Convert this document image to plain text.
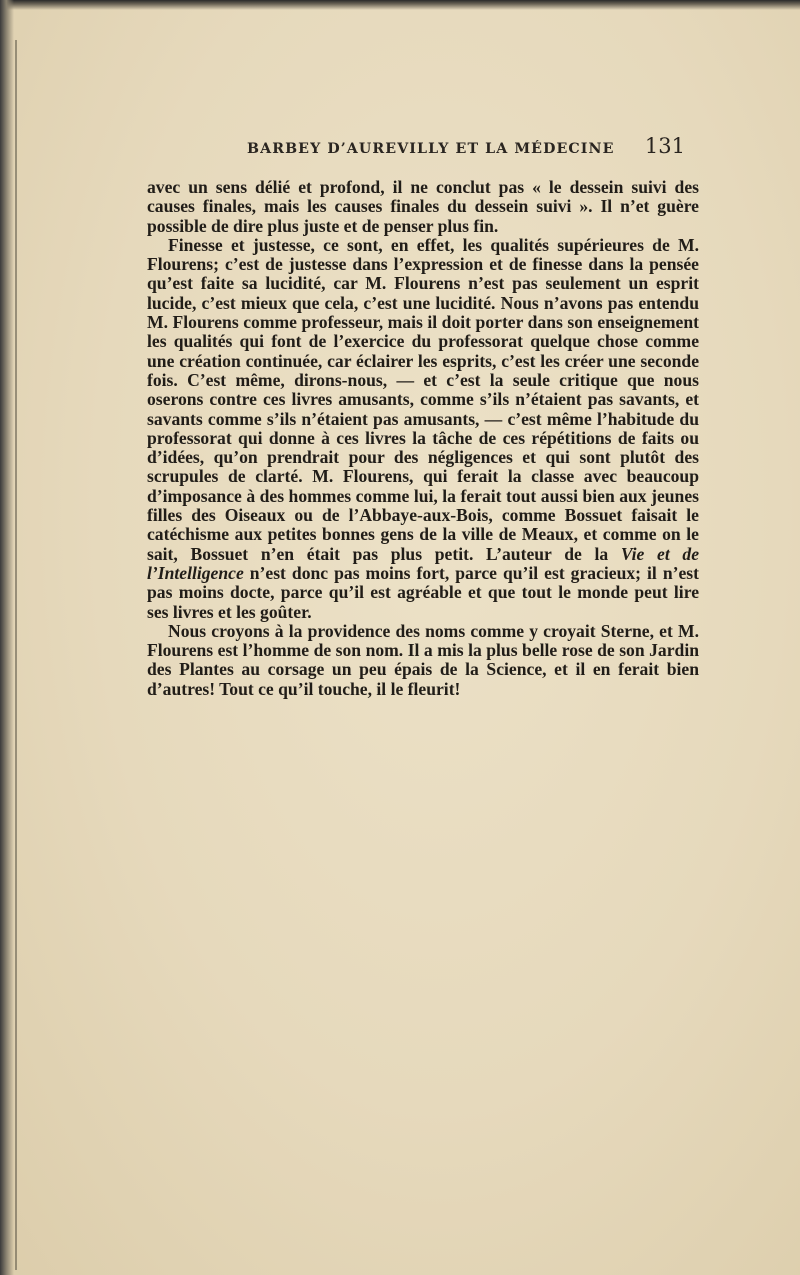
BARBEY D’AUREVILLY ET LA MÉDECINE 131

avec un sens délié et profond, il ne conclut pas « le dessein suivi des causes finales, mais les causes finales du dessein suivi ». Il n’et guère possible de dire plus juste et de penser plus fin.

Finesse et justesse, ce sont, en effet, les qualités supérieures de M. Flourens; c’est de justesse dans l’expression et de finesse dans la pensée qu’est faite sa lucidité, car M. Flourens n’est pas seulement un esprit lucide, c’est mieux que cela, c’est une lucidité. Nous n’avons pas entendu M. Flourens comme professeur, mais il doit porter dans son enseignement les qualités qui font de l’exercice du professorat quelque chose comme une création continuée, car éclairer les esprits, c’est les créer une seconde fois. C’est même, dirons-nous, — et c’est la seule critique que nous oserons contre ces livres amusants, comme s’ils n’étaient pas savants, et savants comme s’ils n’étaient pas amusants, — c’est même l’habitude du professorat qui donne à ces livres la tâche de ces répétitions de faits ou d’idées, qu’on prendrait pour des négligences et qui sont plutôt des scrupules de clarté. M. Flourens, qui ferait la classe avec beaucoup d’imposance à des hommes comme lui, la ferait tout aussi bien aux jeunes filles des Oiseaux ou de l’Abbaye-aux-Bois, comme Bossuet faisait le catéchisme aux petites bonnes gens de la ville de Meaux, et comme on le sait, Bossuet n’en était pas plus petit. L’auteur de la Vie et de l’Intelligence n’est donc pas moins fort, parce qu’il est gracieux; il n’est pas moins docte, parce qu’il est agréable et que tout le monde peut lire ses livres et les goûter.

Nous croyons à la providence des noms comme y croyait Sterne, et M. Flourens est l’homme de son nom. Il a mis la plus belle rose de son Jardin des Plantes au corsage un peu épais de la Science, et il en ferait bien d’autres! Tout ce qu’il touche, il le fleurit!
